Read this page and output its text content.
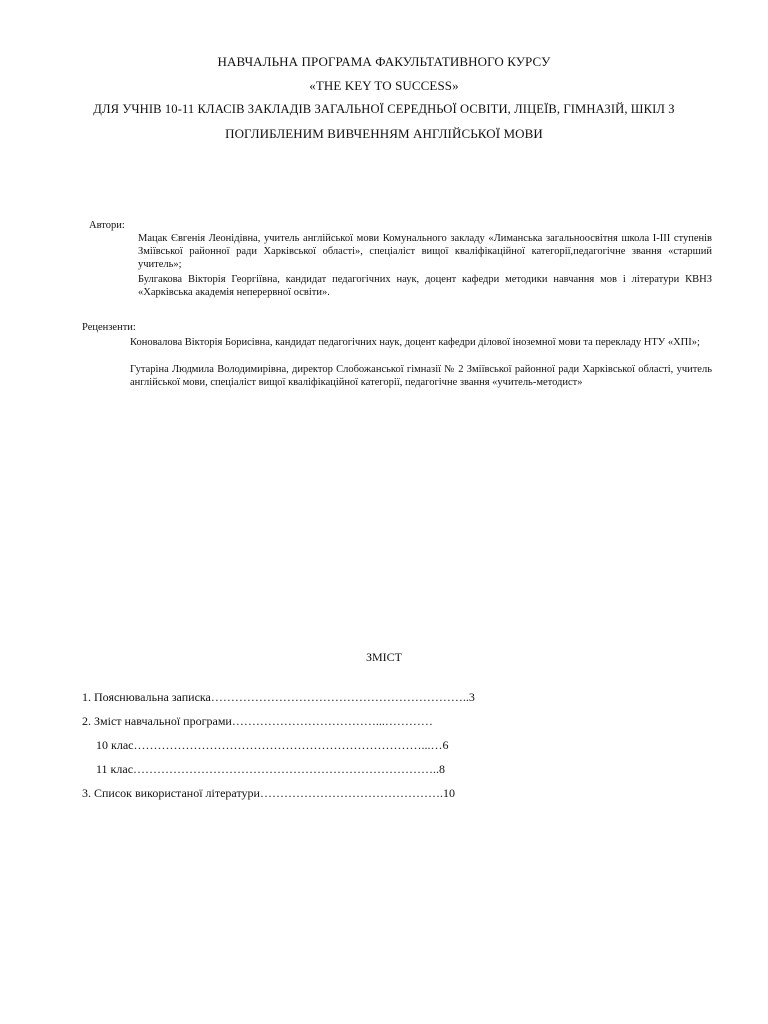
НАВЧАЛЬНА ПРОГРАМА ФАКУЛЬТАТИВНОГО КУРСУ
«THE KEY TO SUCCESS»
ДЛЯ УЧНІВ 10-11 КЛАСІВ ЗАКЛАДІВ ЗАГАЛЬНОЇ СЕРЕДНЬОЇ ОСВІТИ, ЛІЦЕЇВ, ГІМНАЗІЙ, ШКІЛ З
ПОГЛИБЛЕНИМ ВИВЧЕННЯМ АНГЛІЙСЬКОЇ МОВИ
Автори:
Мацак Євгенія Леонідівна, учитель англійської мови Комунального закладу «Лиманська загальноосвітня школа І-ІІІ ступенів Зміївської районної ради Харківської області», спеціаліст вищої кваліфікаційної категорії,педагогічне звання «старший учитель»;
Булгакова Вікторія Георгіївна, кандидат педагогічних наук, доцент кафедри методики навчання мов і літератури КВНЗ «Харківська академія неперервної освіти».
Рецензенти:
Коновалова Вікторія Борисівна, кандидат педагогічних наук, доцент кафедри ділової іноземної мови та перекладу НТУ «ХПІ»;
Гутаріна Людмила Володимирівна, директор Слобожанської гімназії № 2 Зміївської районної ради Харківської області, учитель англійської мови, спеціаліст вищої кваліфікаційної категорії, педагогічне звання «учитель-методист»
ЗМІСТ
1. Пояснювальна записка………………………………………………………..3
2. Зміст навчальної програми………………………………...…………
10 клас………………………………………………………………...…6
11 клас…………………………………………………………………..8
3. Список використаної літератури……………………………………….10
